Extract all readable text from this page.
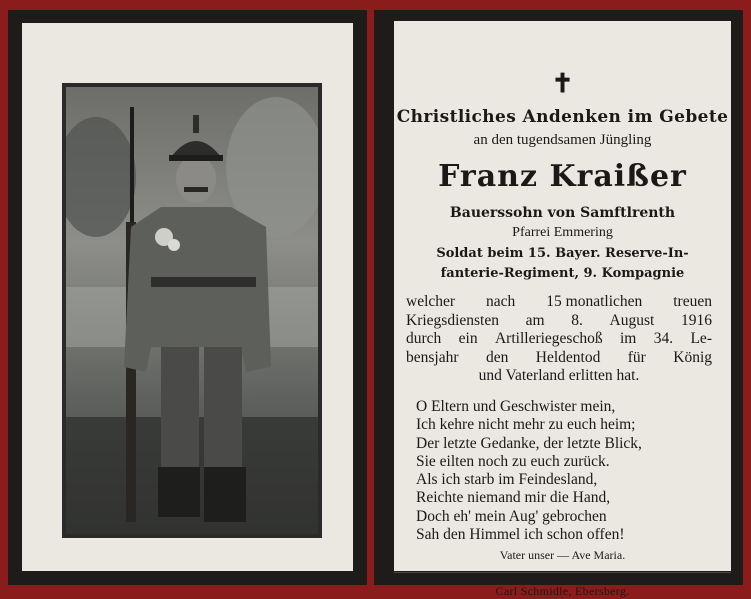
✝
Christliches Andenken im Gebete
an den tugendsamen Jüngling
Franz Kraißer
Bauerssohn von Samftlrenth
Pfarrei Emmering
Soldat beim 15. Bayer. Reserve-In-
fanterie-Regiment, 9. Kompagnie
welcher nach 15 monatlichen treuen
Kriegsdiensten am 8. August 1916
durch ein Artilleriegeschoß im 34. Le-
bensjahr den Heldentod für König
und Vaterland erlitten hat.
O Eltern und Geschwister mein,
Ich kehre nicht mehr zu euch heim;
Der letzte Gedanke, der letzte Blick,
Sie eilten noch zu euch zurück.
Als ich starb im Feindesland,
Reichte niemand mir die Hand,
Doch eh' mein Aug' gebrochen
Sah den Himmel ich schon offen!
Vater unser — Ave Maria.
Carl Schmidle, Ebersberg.
